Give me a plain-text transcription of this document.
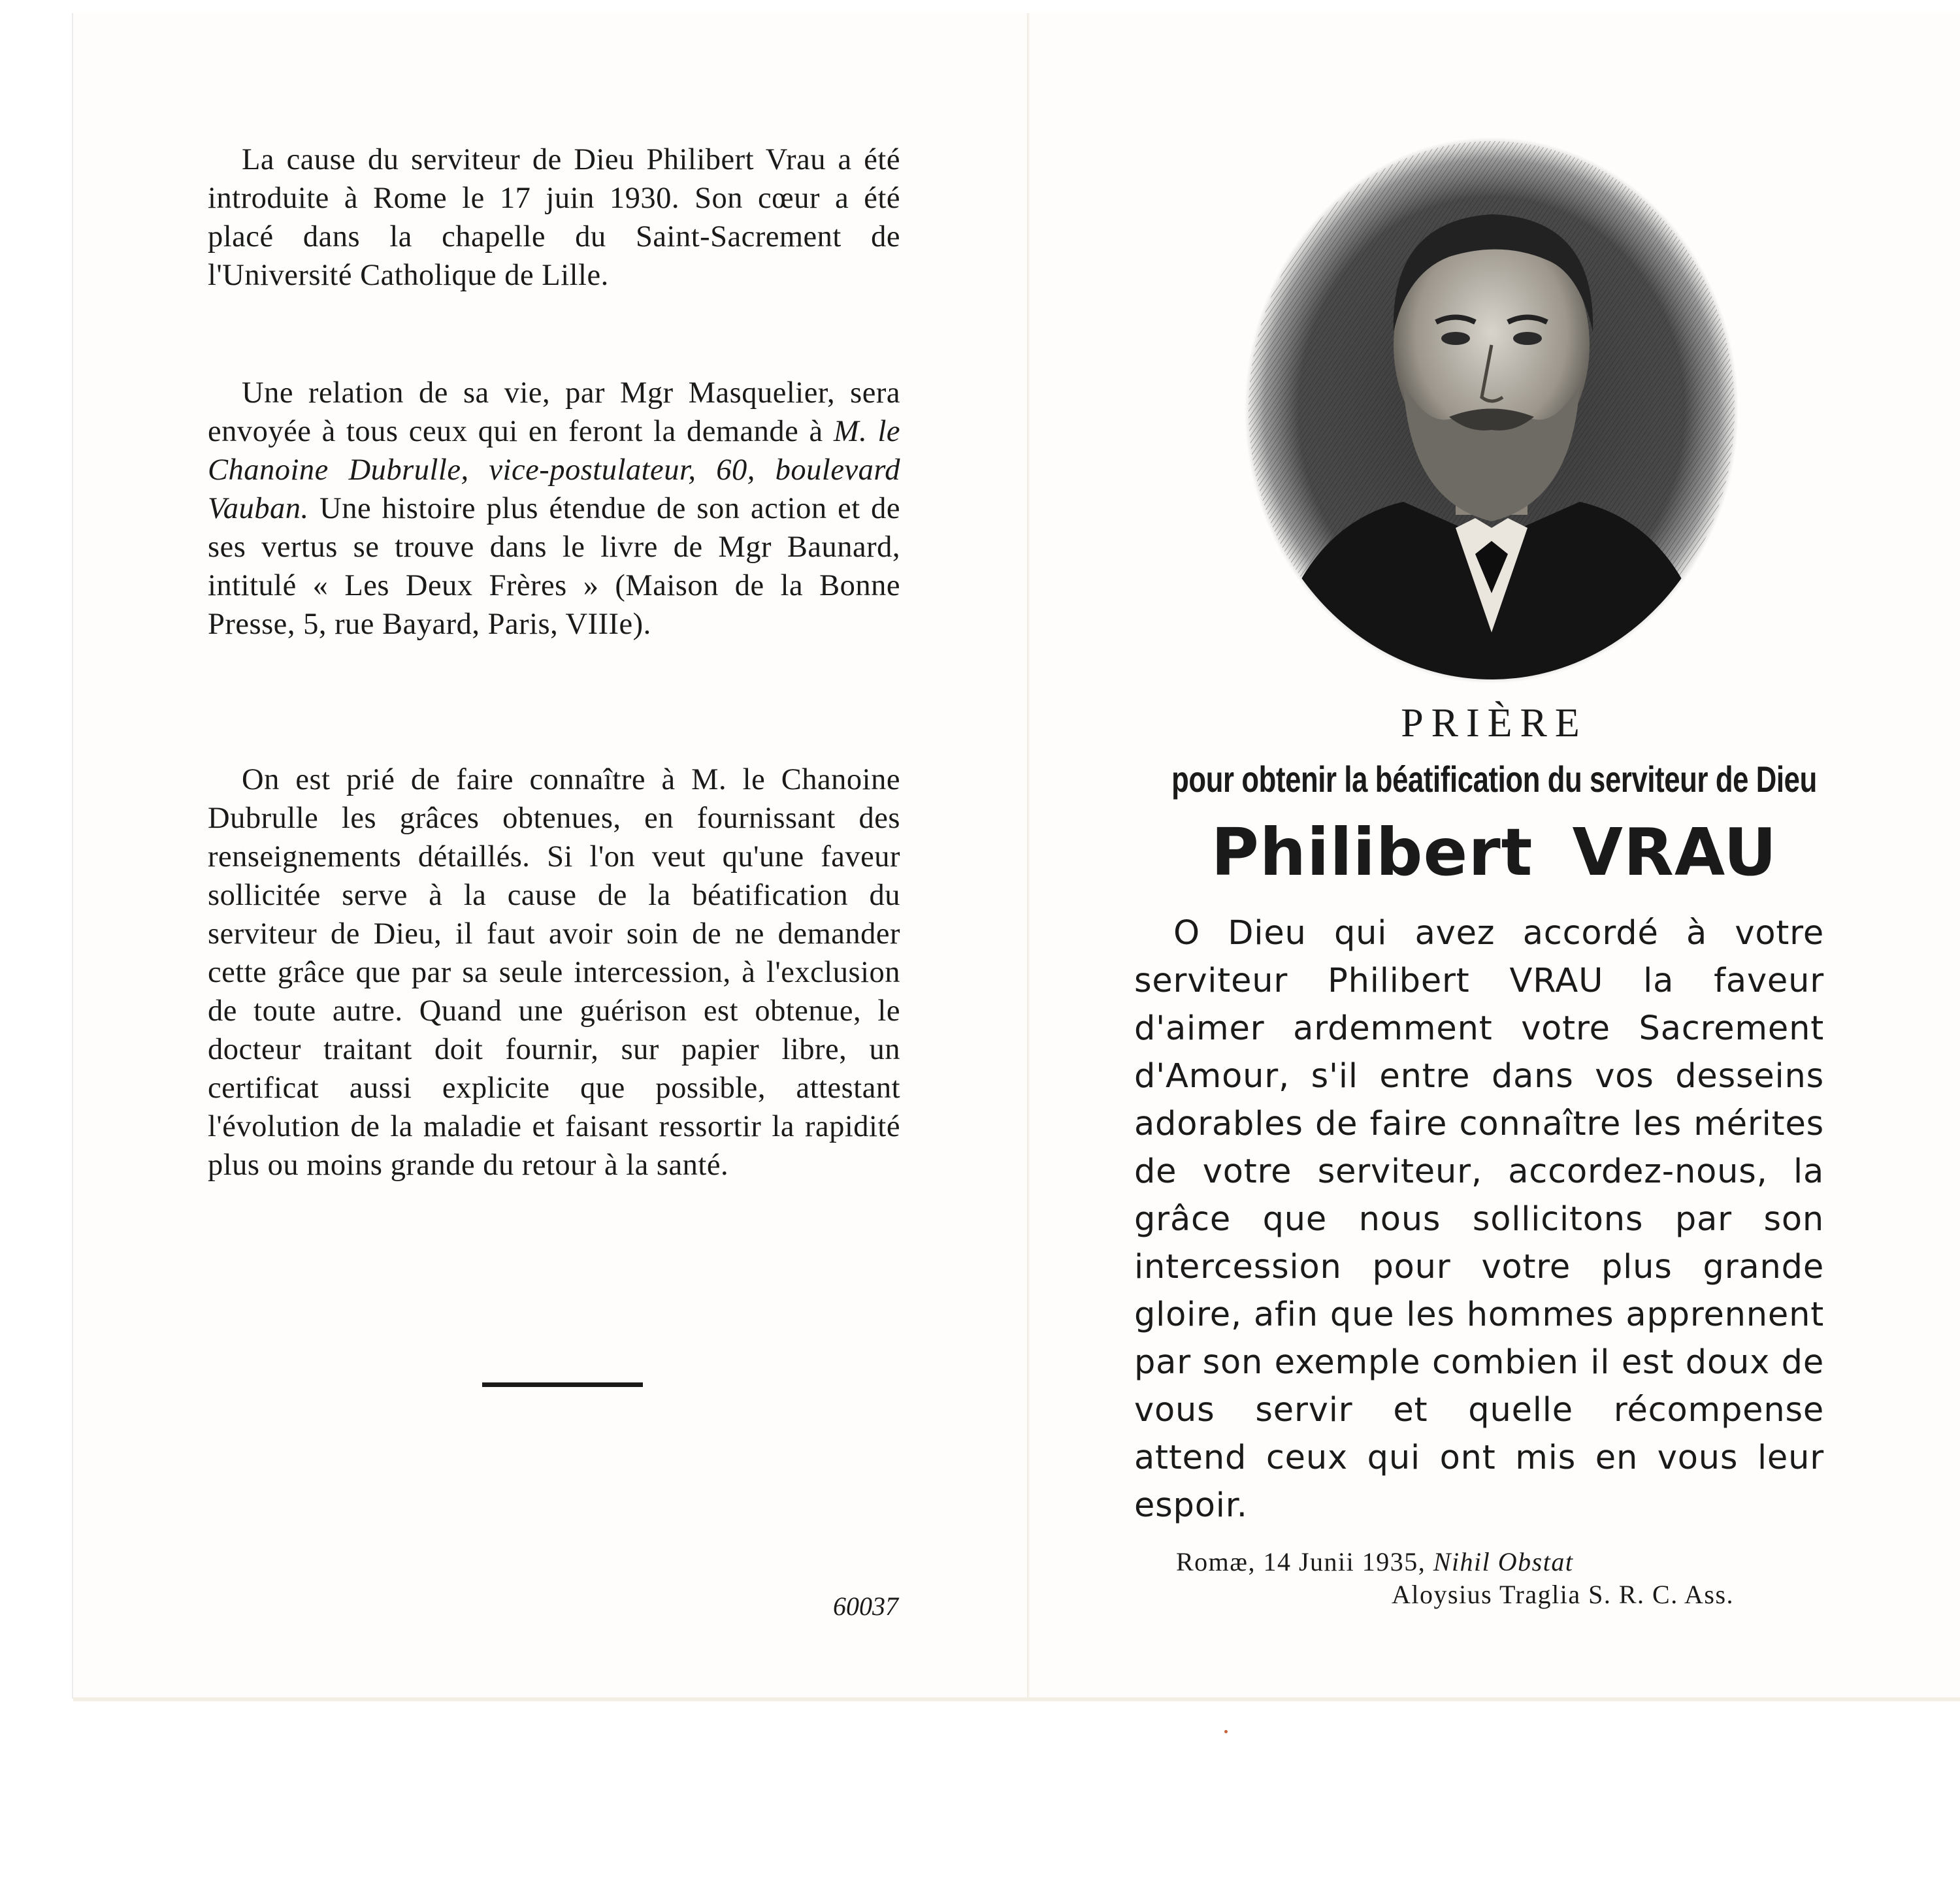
La cause du serviteur de Dieu Philibert Vrau a été introduite à Rome le 17 juin 1930. Son cœur a été placé dans la chapelle du Saint-Sacrement de l'Université Catholique de Lille.
Une relation de sa vie, par Mgr Masquelier, sera envoyée à tous ceux qui en feront la demande à M. le Chanoine Dubrulle, vice-postulateur, 60, boulevard Vauban. Une histoire plus étendue de son action et de ses vertus se trouve dans le livre de Mgr Baunard, intitulé « Les Deux Frères » (Maison de la Bonne Presse, 5, rue Bayard, Paris, VIIIe).
On est prié de faire connaître à M. le Chanoine Dubrulle les grâces obtenues, en fournissant des renseignements détaillés. Si l'on veut qu'une faveur sollicitée serve à la cause de la béatification du serviteur de Dieu, il faut avoir soin de ne demander cette grâce que par sa seule intercession, à l'exclusion de toute autre. Quand une guérison est obtenue, le docteur traitant doit fournir, sur papier libre, un certificat aussi explicite que possible, attestant l'évolution de la maladie et faisant ressortir la rapidité plus ou moins grande du retour à la santé.
60037
PRIÈRE
pour obtenir la béatification du serviteur de Dieu
Philibert VRAU
O Dieu qui avez accordé à votre serviteur Philibert VRAU la faveur d'aimer ardemment votre Sacrement d'Amour, s'il entre dans vos desseins adorables de faire connaître les mérites de votre serviteur, accordez-nous, la grâce que nous sollicitons par son intercession pour votre plus grande gloire, afin que les hommes apprennent par son exemple combien il est doux de vous servir et quelle récompense attend ceux qui ont mis en vous leur espoir.
Romæ, 14 Junii 1935, Nihil Obstat
Aloysius Traglia S. R. C. Ass.
